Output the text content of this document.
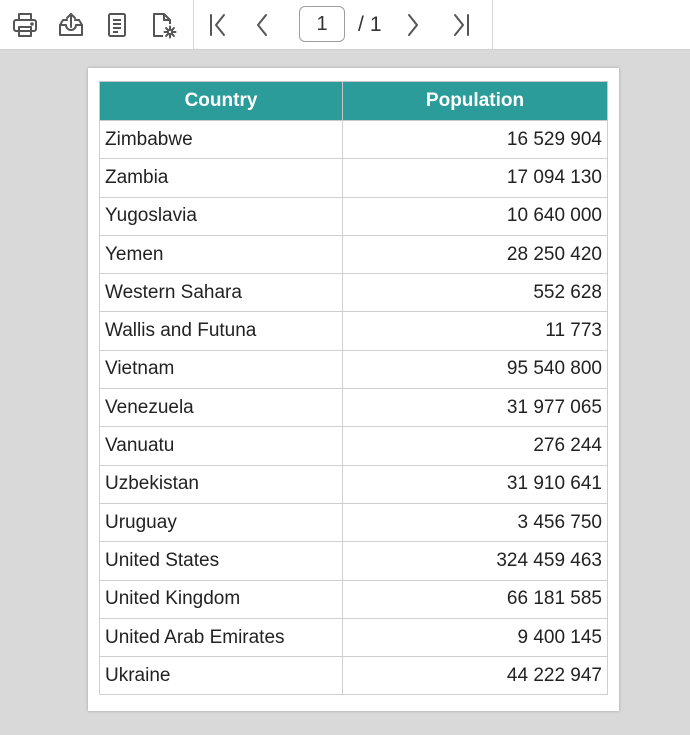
1
/ 1
Country	Population
Zimbabwe	16 529 904
Zambia	17 094 130
Yugoslavia	10 640 000
Yemen	28 250 420
Western Sahara	552 628
Wallis and Futuna	11 773
Vietnam	95 540 800
Venezuela	31 977 065
Vanuatu	276 244
Uzbekistan	31 910 641
Uruguay	3 456 750
United States	324 459 463
United Kingdom	66 181 585
United Arab Emirates	9 400 145
Ukraine	44 222 947
